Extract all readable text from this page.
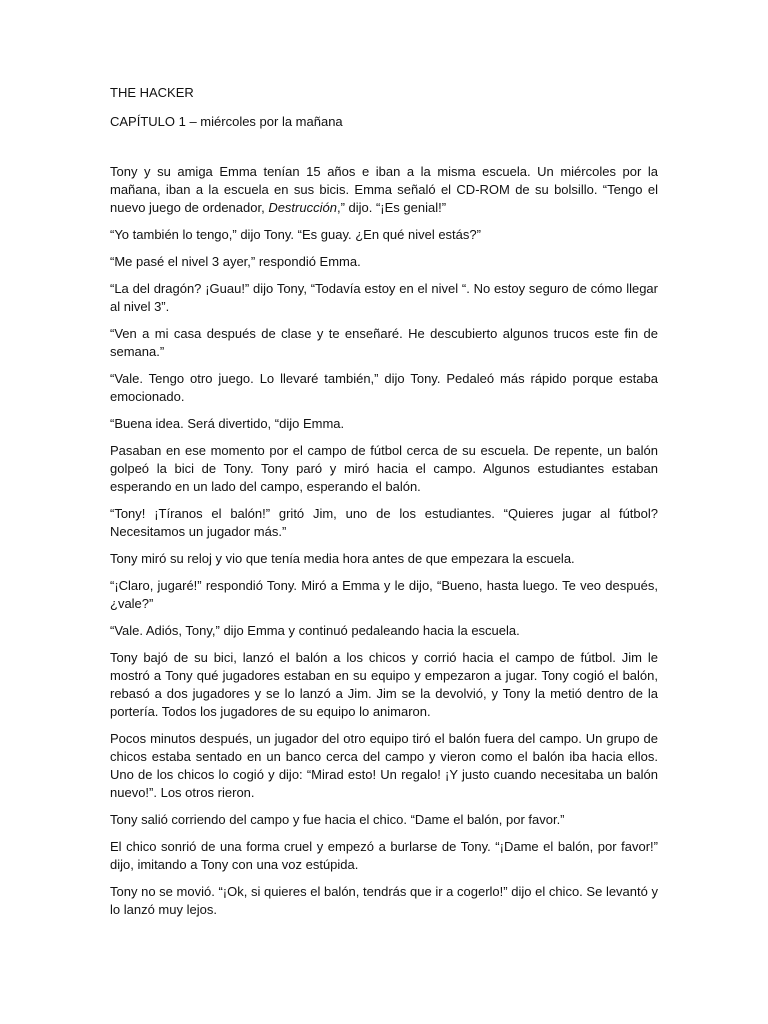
THE HACKER

CAPÍTULO 1 – miércoles por la mañana

Tony y su amiga Emma tenían 15 años e iban a la misma escuela. Un miércoles por la mañana, iban a la escuela en sus bicis. Emma señaló el CD-ROM de su bolsillo. “Tengo el nuevo juego de ordenador, Destrucción,” dijo. “¡Es genial!”

“Yo también lo tengo,” dijo Tony. “Es guay. ¿En qué nivel estás?”

“Me pasé el nivel 3 ayer,” respondió Emma.

“La del dragón? ¡Guau!” dijo Tony, “Todavía estoy en el nivel “. No estoy seguro de cómo llegar al nivel 3”.

“Ven a mi casa después de clase y te enseñaré. He descubierto algunos trucos este fin de semana.”

“Vale. Tengo otro juego. Lo llevaré también,” dijo Tony. Pedaleó más rápido porque estaba emocionado.

“Buena idea. Será divertido, “dijo Emma.

Pasaban en ese momento por el campo de fútbol cerca de su escuela. De repente, un balón golpeó la bici de Tony. Tony paró y miró hacia el campo. Algunos estudiantes estaban esperando en un lado del campo, esperando el balón.

“Tony! ¡Tíranos el balón!” gritó Jim, uno de los estudiantes. “Quieres jugar al fútbol? Necesitamos un jugador más.”

Tony miró su reloj y vio que tenía media hora antes de que empezara la escuela.

“¡Claro, jugaré!” respondió Tony. Miró a Emma y le dijo, “Bueno, hasta luego. Te veo después, ¿vale?”

“Vale. Adiós, Tony,” dijo Emma y continuó pedaleando hacia la escuela.

Tony bajó de su bici, lanzó el balón a los chicos y corrió hacia el campo de fútbol. Jim le mostró a Tony qué jugadores estaban en su equipo y empezaron a jugar. Tony cogió el balón, rebasó a dos jugadores y se lo lanzó a Jim. Jim se la devolvió, y Tony la metió dentro de la portería. Todos los jugadores de su equipo lo animaron.

Pocos minutos después, un jugador del otro equipo tiró el balón fuera del campo. Un grupo de chicos estaba sentado en un banco cerca del campo y vieron como el balón iba hacia ellos. Uno de los chicos lo cogió y dijo: “Mirad esto! Un regalo! ¡Y justo cuando necesitaba un balón nuevo!”. Los otros rieron.

Tony salió corriendo del campo y fue hacia el chico. “Dame el balón, por favor.”

El chico sonrió de una forma cruel y empezó a burlarse de Tony. “¡Dame el balón, por favor!” dijo, imitando a Tony con una voz estúpida.

Tony no se movió. “¡Ok, si quieres el balón, tendrás que ir a cogerlo!” dijo el chico. Se levantó y lo lanzó muy lejos.
